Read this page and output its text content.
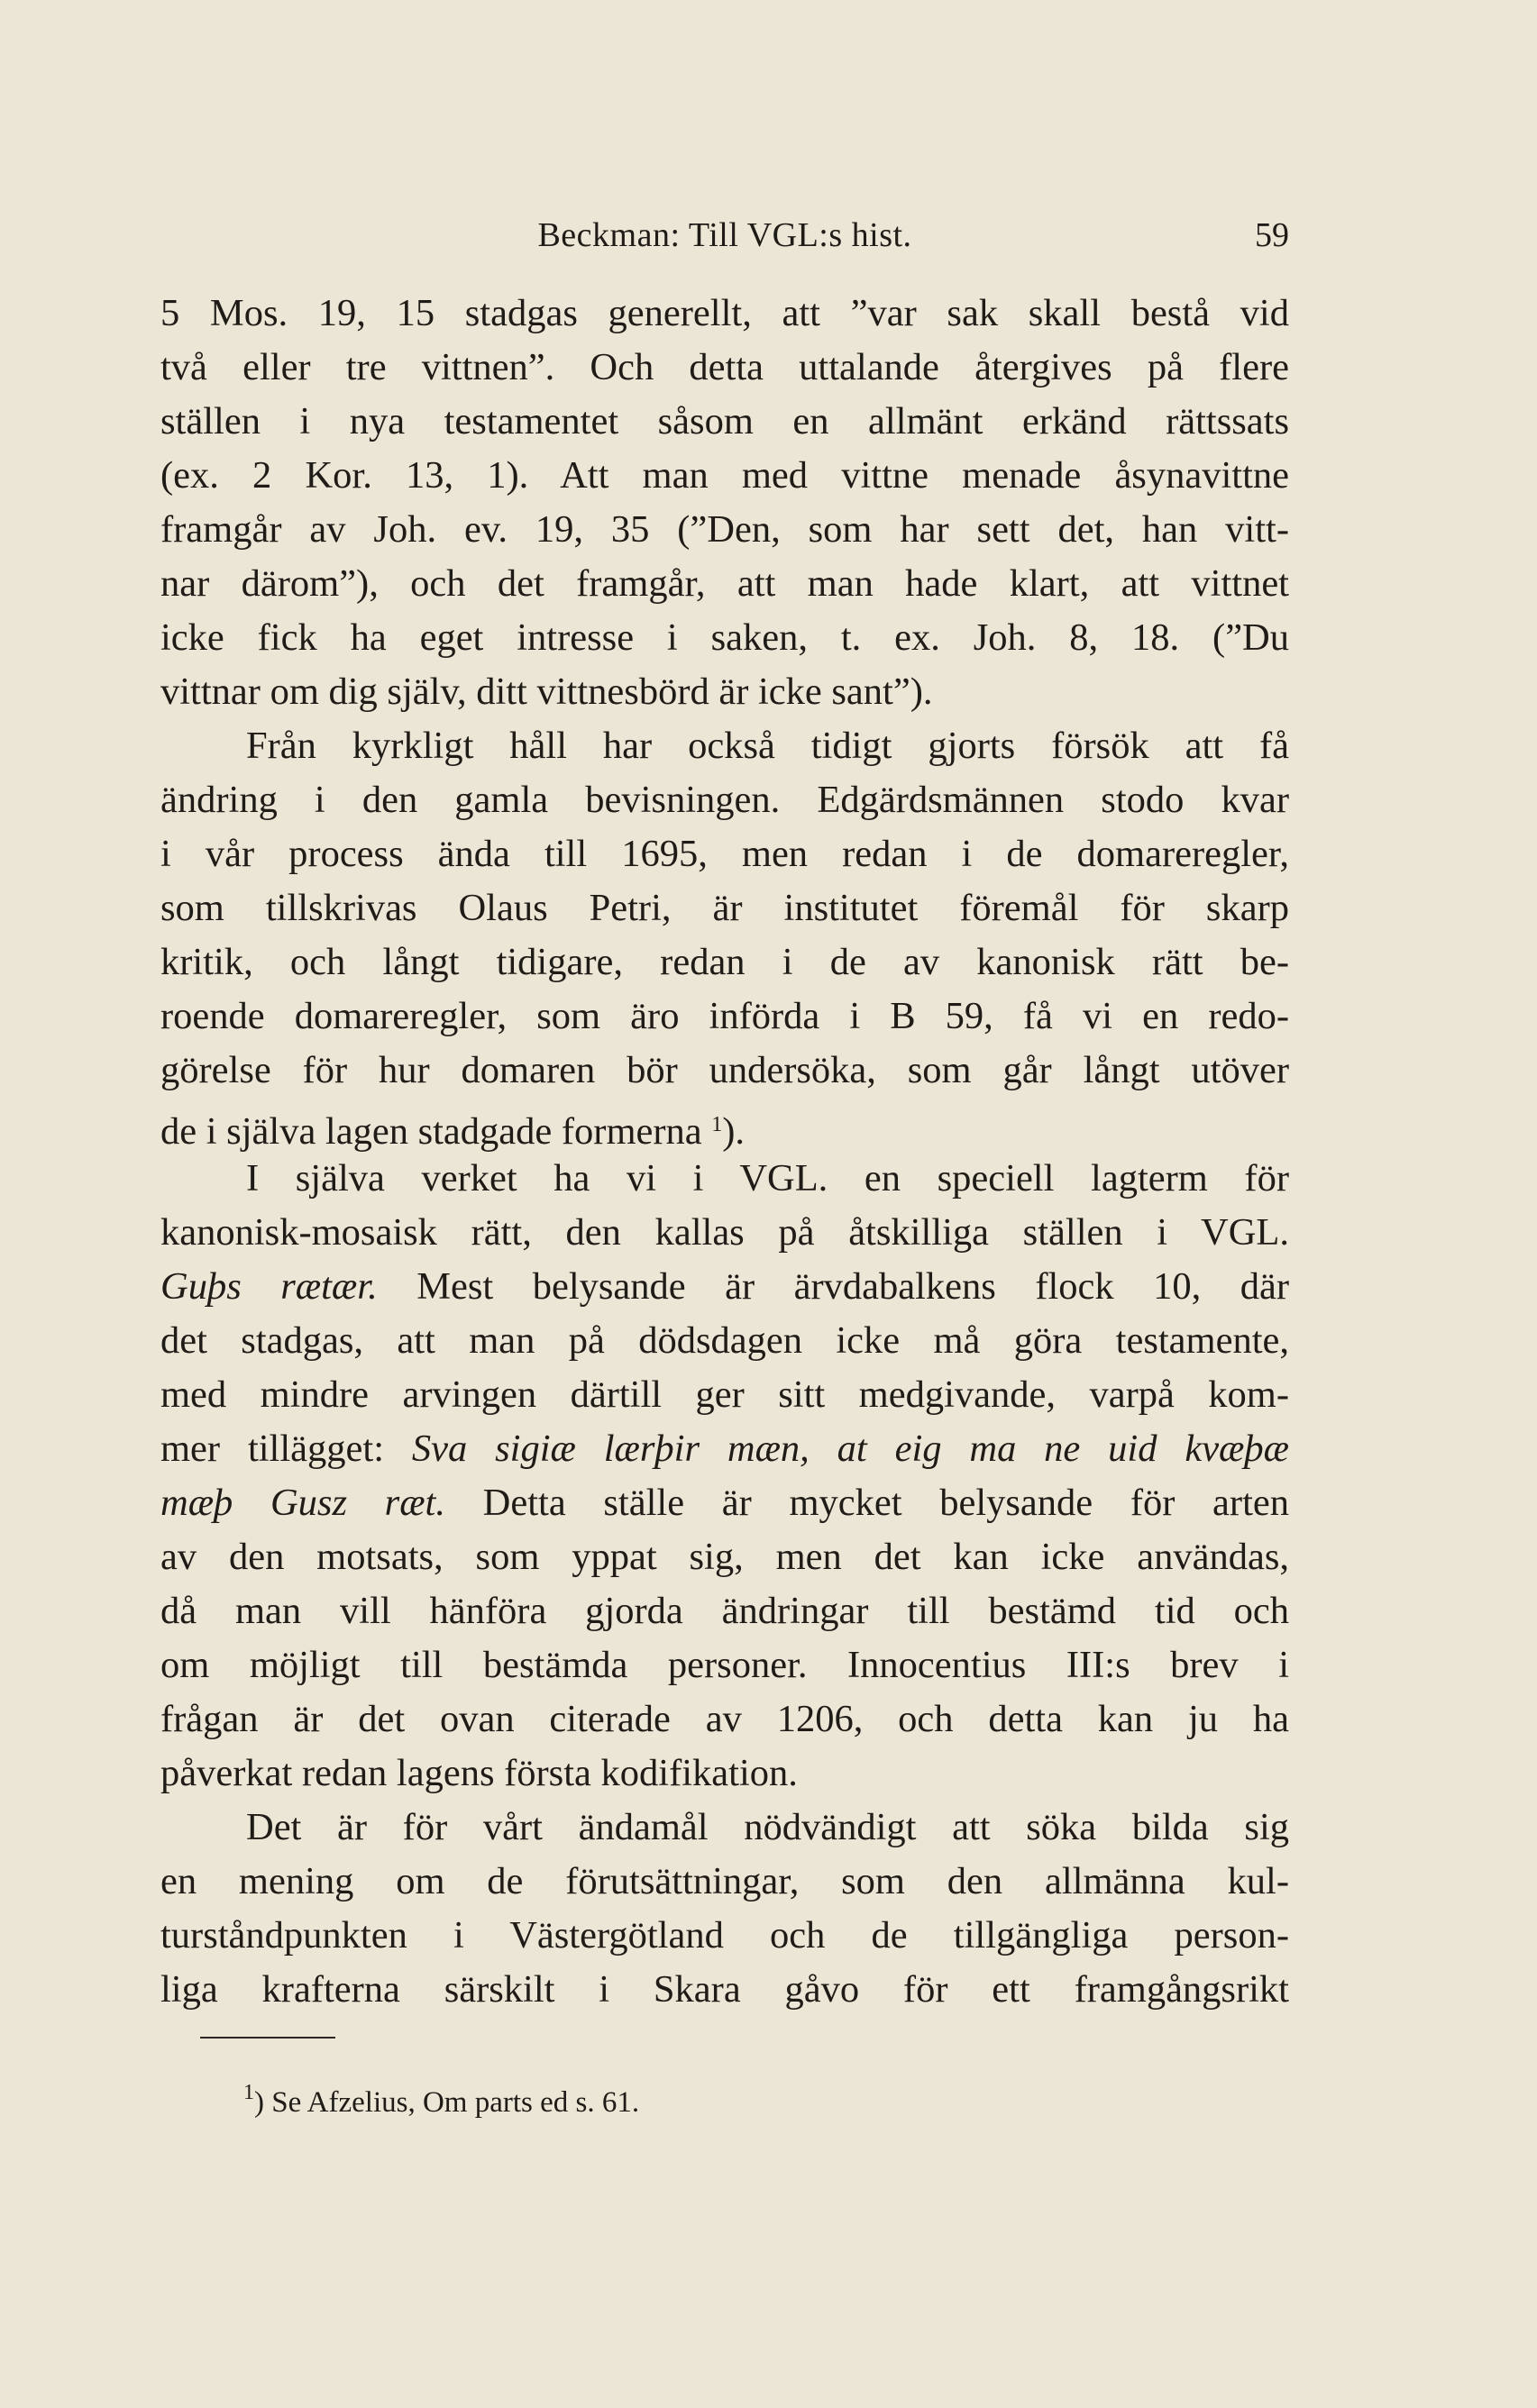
Beckman: Till VGL:s hist.	59
5 Mos. 19, 15 stadgas generellt, att ”var sak skall bestå vid
två eller tre vittnen”. Och detta uttalande återgives på flere
ställen i nya testamentet såsom en allmänt erkänd rättssats
(ex. 2 Kor. 13, 1). Att man med vittne menade åsynavittne
framgår av Joh. ev. 19, 35 (”Den, som har sett det, han vitt-
nar därom”), och det framgår, att man hade klart, att vittnet
icke fick ha eget intresse i saken, t. ex. Joh. 8, 18. (”Du
vittnar om dig själv, ditt vittnesbörd är icke sant”).
Från kyrkligt håll har också tidigt gjorts försök att få
ändring i den gamla bevisningen. Edgärdsmännen stodo kvar
i vår process ända till 1695, men redan i de domareregler,
som tillskrivas Olaus Petri, är institutet föremål för skarp
kritik, och långt tidigare, redan i de av kanonisk rätt be-
roende domareregler, som äro införda i B 59, få vi en redo-
görelse för hur domaren bör undersöka, som går långt utöver
de i själva lagen stadgade formerna $^1$).
I själva verket ha vi i VGL. en speciell lagterm för
kanonisk-mosaisk rätt, den kallas på åtskilliga ställen i VGL.
Guþs rætær. Mest belysande är ärvdabalkens flock 10, där
det stadgas, att man på dödsdagen icke må göra testamente,
med mindre arvingen därtill ger sitt medgivande, varpå kom-
mer tillägget: Sva sigiæ lærþir mæn, at eig ma ne uid kvæþæ
mæþ Gusz ræt. Detta ställe är mycket belysande för arten
av den motsats, som yppat sig, men det kan icke användas,
då man vill hänföra gjorda ändringar till bestämd tid och
om möjligt till bestämda personer. Innocentius III:s brev i
frågan är det ovan citerade av 1206, och detta kan ju ha
påverkat redan lagens första kodifikation.
Det är för vårt ändamål nödvändigt att söka bilda sig
en mening om de förutsättningar, som den allmänna kul-
turståndpunkten i Västergötland och de tillgängliga person-
liga krafterna särskilt i Skara gåvo för ett framgångsrikt
$^1$) Se Afzelius, Om parts ed s. 61.
